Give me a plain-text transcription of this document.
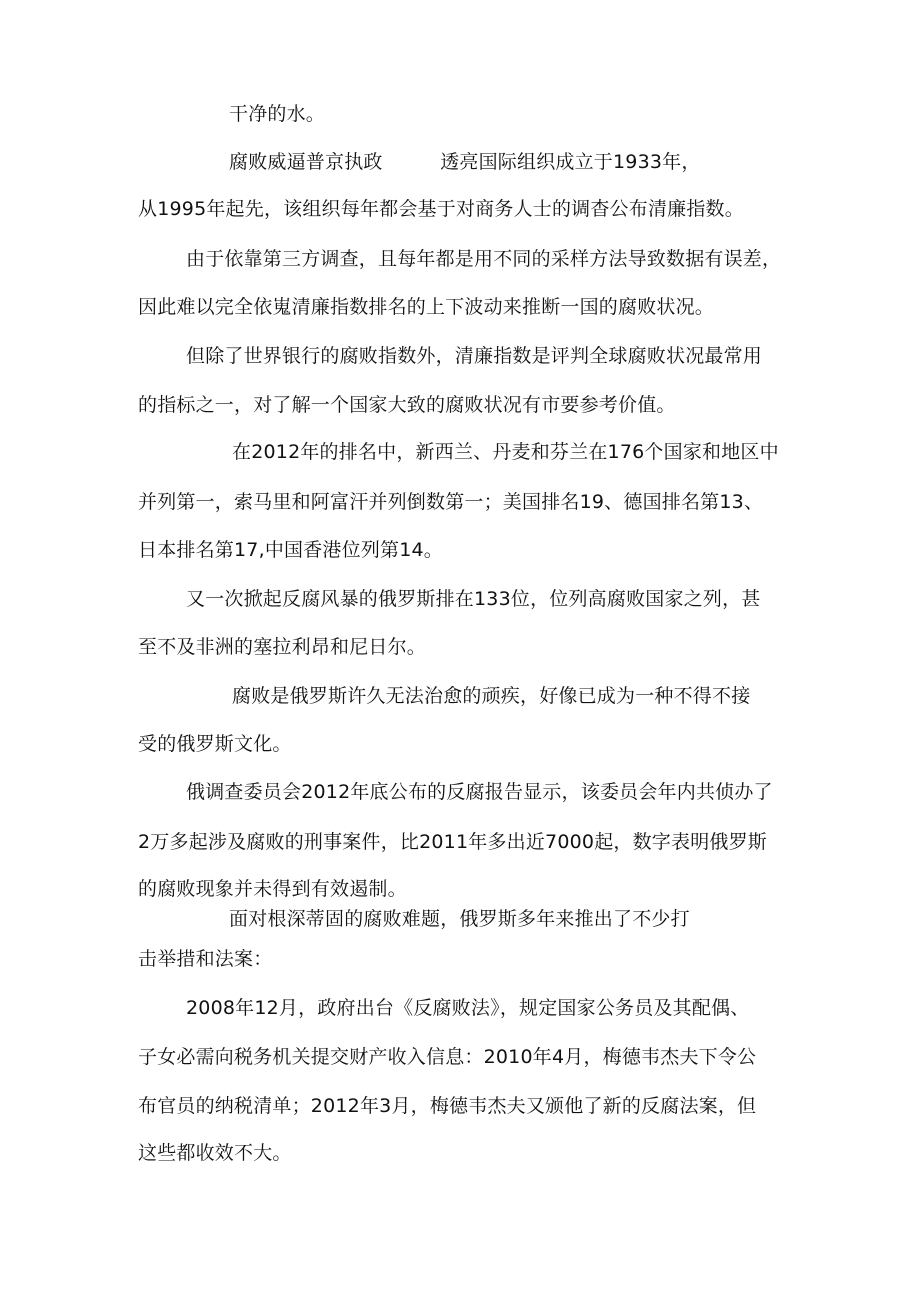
干净的水。
腐败威逼普京执政　　　透亮国际组织成立于1933年，
从1995年起先，该组织每年都会基于对商务人士的调杳公布清廉指数。
由于依靠第三方调查，且每年都是用不同的采样方法导致数据有误差，
因此难以完全依嵬清廉指数排名的上下波动来推断一国的腐败状况。
但除了世界银行的腐败指数外，清廉指数是评判全球腐败状况最常用
的指标之一，对了解一个国家大致的腐败状况有市要参考价值。
在2012年的排名中，新西兰、丹麦和芬兰在176个国家和地区中
并列第一，索马里和阿富汗并列倒数第一；美国排名19、德国排名第13、
日本排名第17,中国香港位列第14。
又一次掀起反腐风暴的俄罗斯排在133位，位列高腐败国家之列，甚
至不及非洲的塞拉利昂和尼日尔。
腐败是俄罗斯许久无法治愈的顽疾，好像已成为一种不得不接
受的俄罗斯文化。
俄调查委员会2012年底公布的反腐报告显示，该委员会年内共侦办了
2万多起涉及腐败的刑事案件，比2011年多出近7000起，数字表明俄罗斯
的腐败现象并未得到有效遏制。
面对根深蒂固的腐败难题，俄罗斯多年来推出了不少打
击举措和法案：
2008年12月，政府出台《反腐败法》，规定国家公务员及其配偶、
子女必需向税务机关提交财产收入信息：2010年4月，梅德韦杰夫下令公
布官员的纳税清单；2012年3月，梅德韦杰夫又颁他了新的反腐法案，但
这些都收效不大。
